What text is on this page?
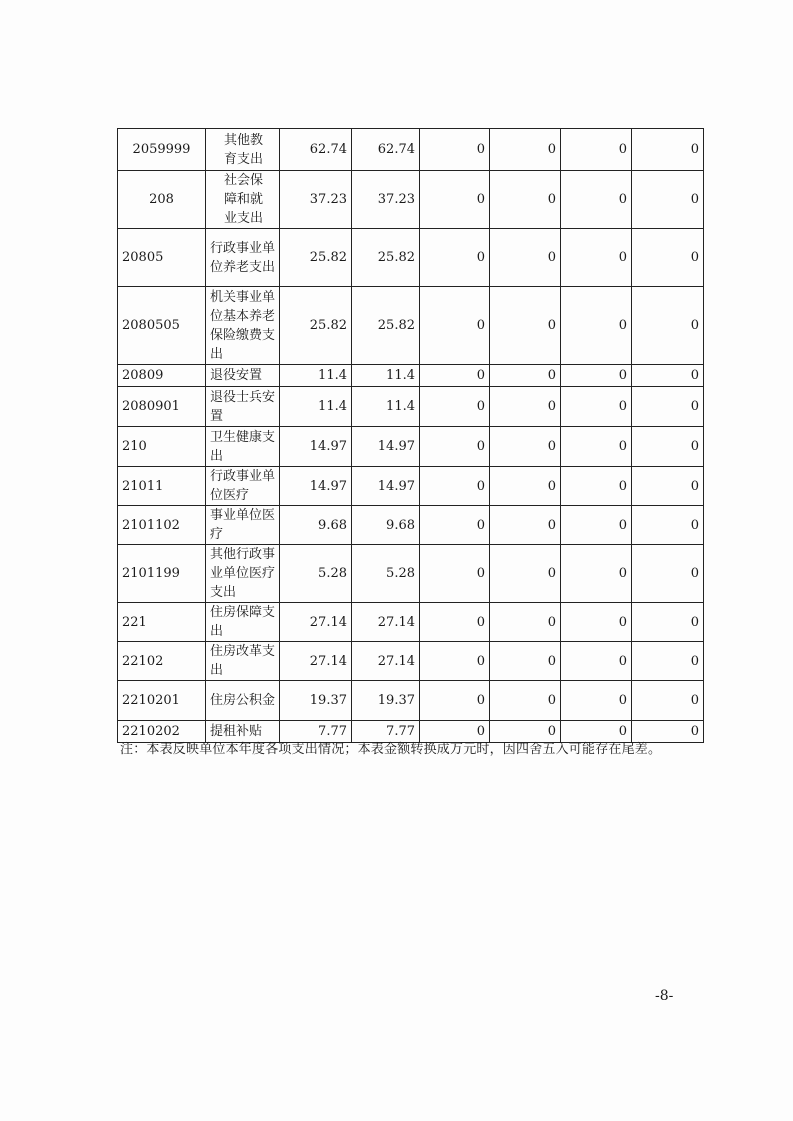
2059999	其他教育支出	62.74	62.74	0	0	0	0
208	社会保障和就业支出	37.23	37.23	0	0	0	0
20805	行政事业单位养老支出	25.82	25.82	0	0	0	0
2080505	机关事业单位基本养老保险缴费支出	25.82	25.82	0	0	0	0
20809	退役安置	11.4	11.4	0	0	0	0
2080901	退役士兵安置	11.4	11.4	0	0	0	0
210	卫生健康支出	14.97	14.97	0	0	0	0
21011	行政事业单位医疗	14.97	14.97	0	0	0	0
2101102	事业单位医疗	9.68	9.68	0	0	0	0
2101199	其他行政事业单位医疗支出	5.28	5.28	0	0	0	0
221	住房保障支出	27.14	27.14	0	0	0	0
22102	住房改革支出	27.14	27.14	0	0	0	0
2210201	住房公积金	19.37	19.37	0	0	0	0
2210202	提租补贴	7.77	7.77	0	0	0	0
注：本表反映单位本年度各项支出情况；本表金额转换成万元时，因四舍五入可能存在尾差。
-8-
